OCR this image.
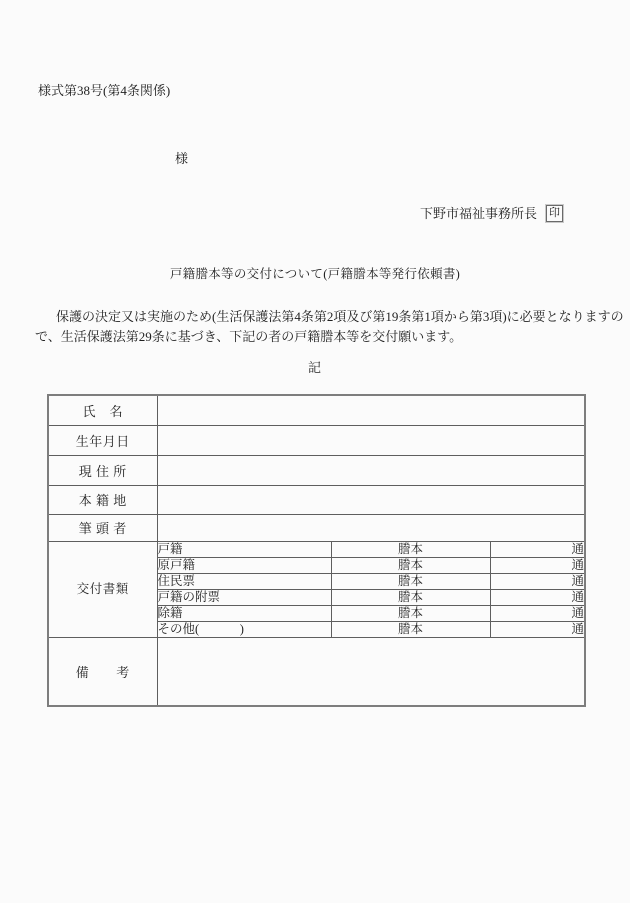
様式第38号(第4条関係)
様
下野市福祉事務所長 印
戸籍謄本等の交付について(戸籍謄本等発行依頼書)
保護の決定又は実施のため(生活保護法第4条第2項及び第19条第1項から第3項)に必要となりますの
で、生活保護法第29条に基づき、下記の者の戸籍謄本等を交付願います。
記
氏　名			
生年月日			
現 住 所			
本 籍 地			
筆 頭 者			
交付書類	戸籍	謄本	通
	原戸籍	謄本	通
	住民票	謄本	通
	戸籍の附票	謄本	通
	除籍	謄本	通
	その他(　　　 )	謄本	通
備　　考			
